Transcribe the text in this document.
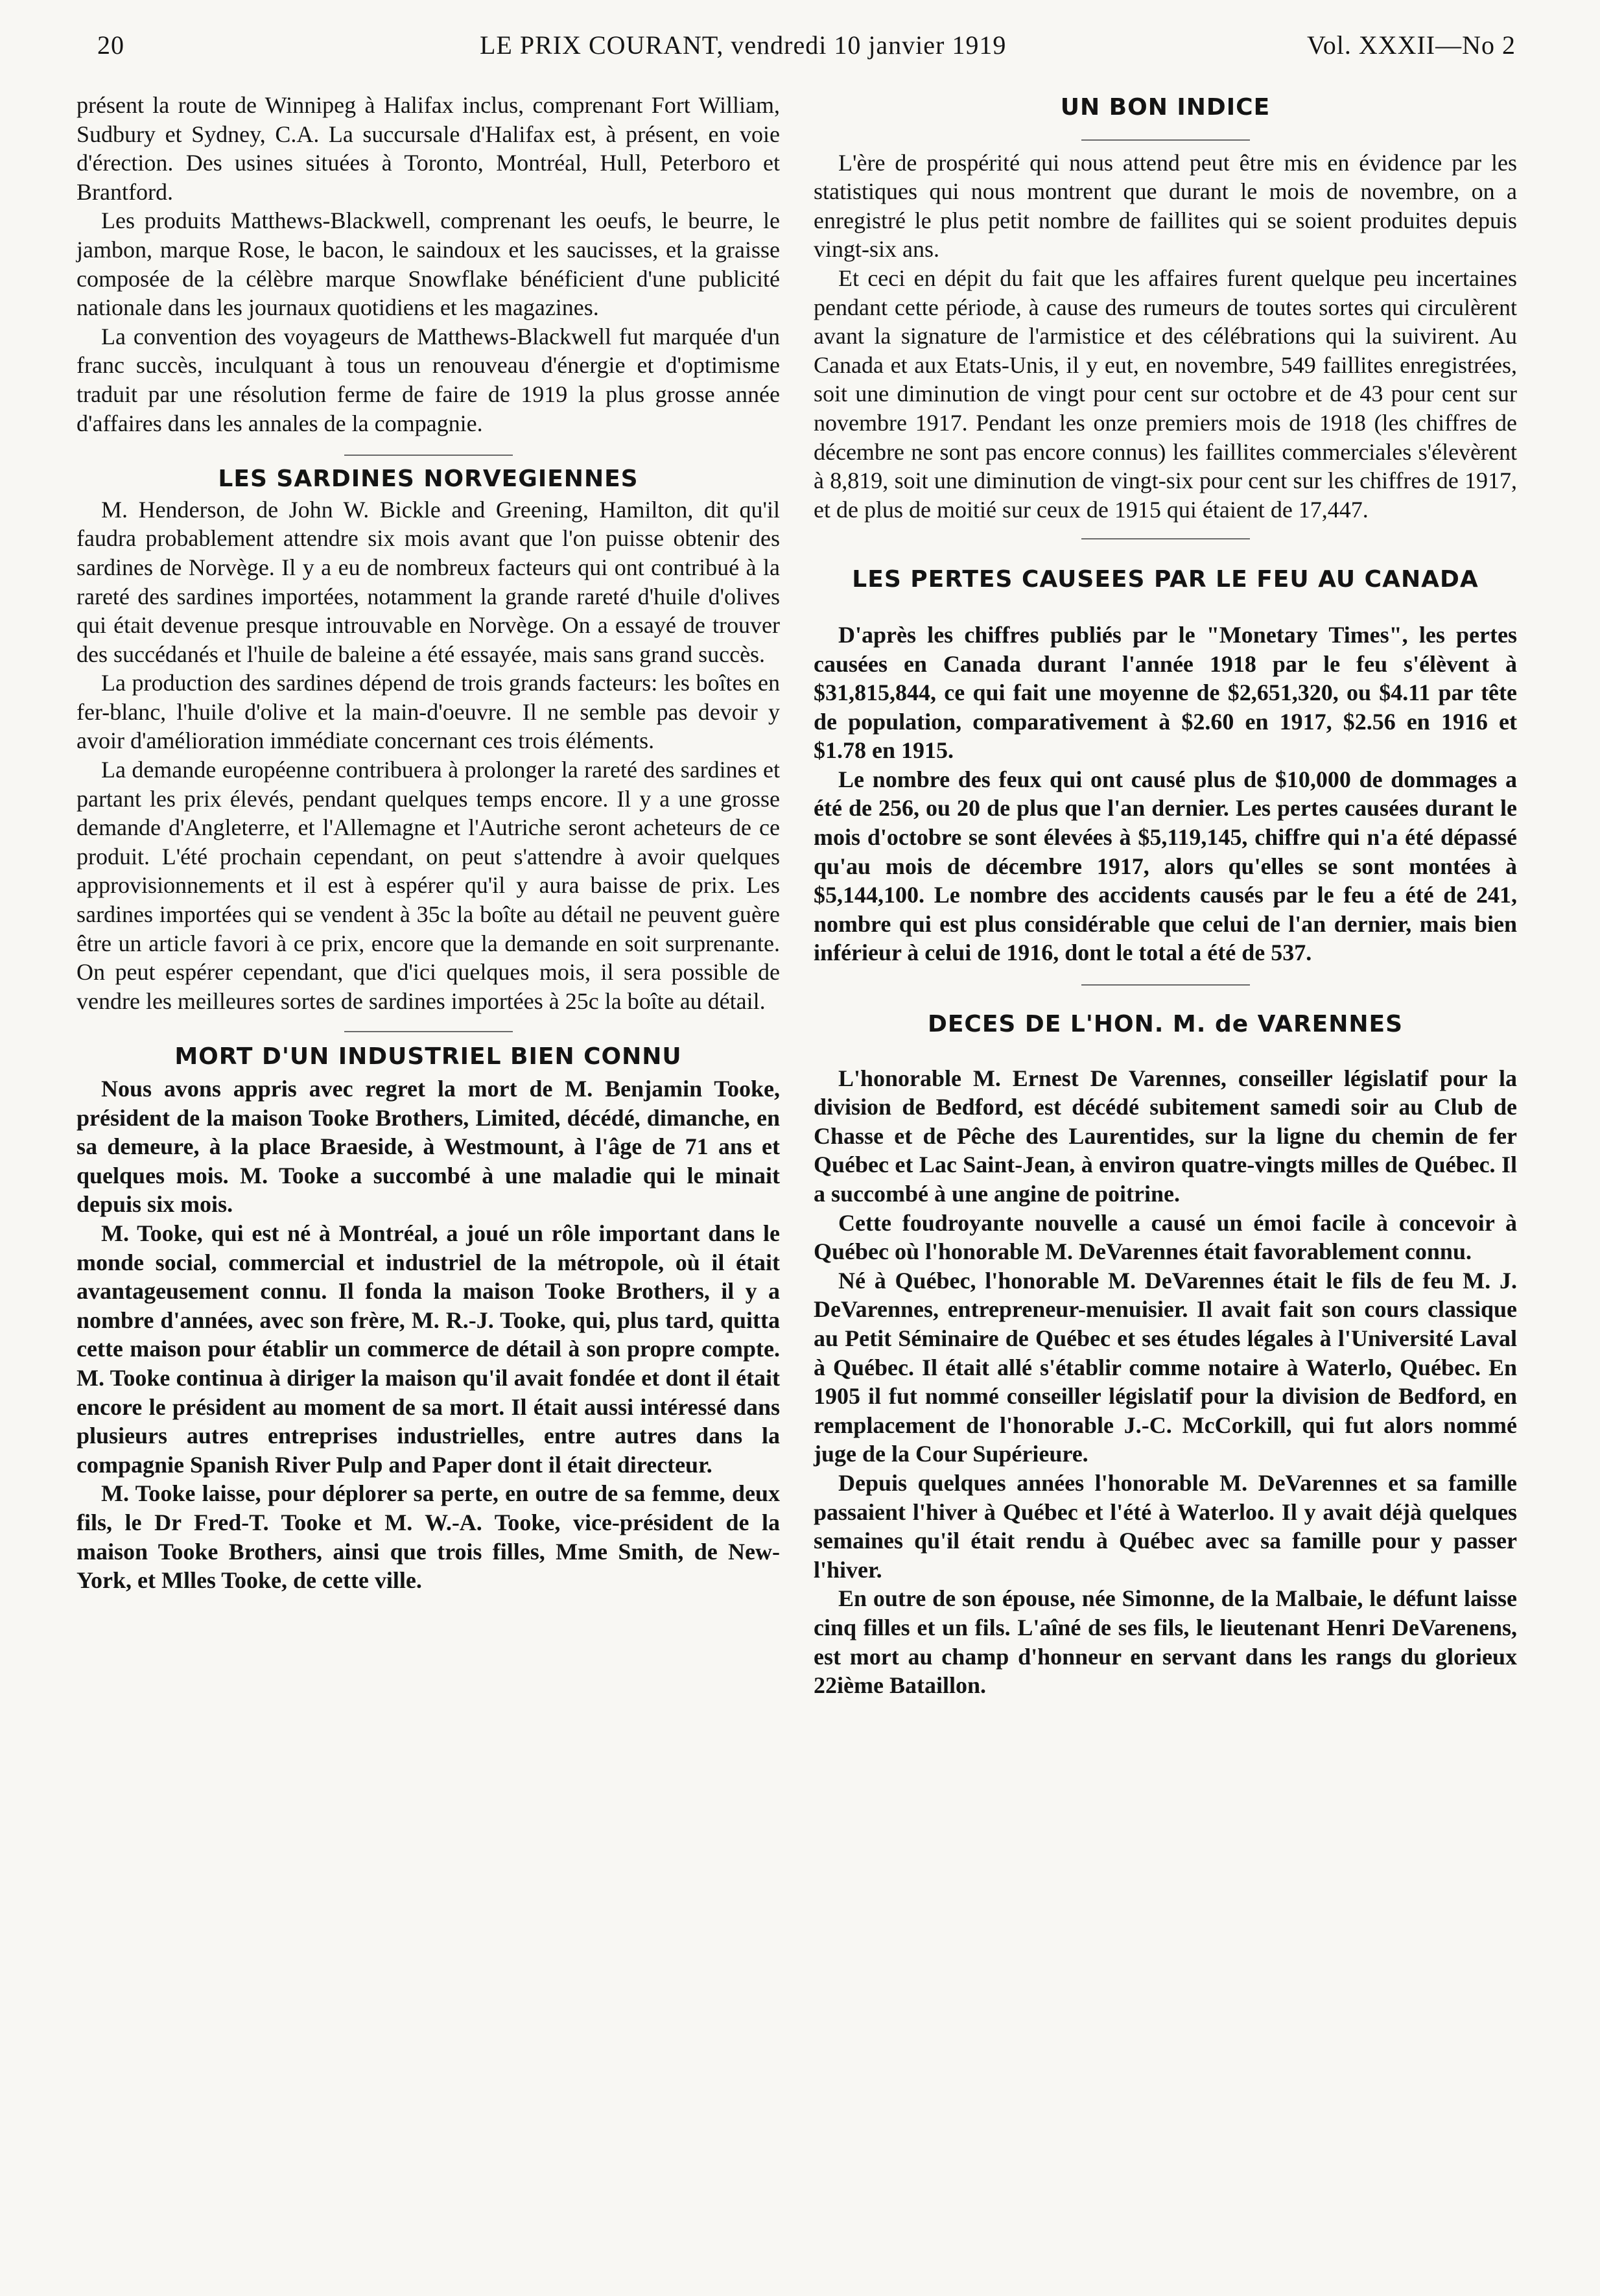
20	LE PRIX COURANT, vendredi 10 janvier 1919	Vol. XXXII—No 2

présent la route de Winnipeg à Halifax inclus, comprenant Fort William, Sudbury et Sydney, C.A. La succursale d'Halifax est, à présent, en voie d'érection. Des usines situées à Toronto, Montréal, Hull, Peterboro et Brantford.

Les produits Matthews-Blackwell, comprenant les oeufs, le beurre, le jambon, marque Rose, le bacon, le saindoux et les saucisses, et la graisse composée de la célèbre marque Snowflake bénéficient d'une publicité nationale dans les journaux quotidiens et les magazines.

La convention des voyageurs de Matthews-Blackwell fut marquée d'un franc succès, inculquant à tous un renouveau d'énergie et d'optimisme traduit par une résolution ferme de faire de 1919 la plus grosse année d'affaires dans les annales de la compagnie.

LES SARDINES NORVEGIENNES

M. Henderson, de John W. Bickle and Greening, Hamilton, dit qu'il faudra probablement attendre six mois avant que l'on puisse obtenir des sardines de Norvège. Il y a eu de nombreux facteurs qui ont contribué à la rareté des sardines importées, notamment la grande rareté d'huile d'olives qui était devenue presque introuvable en Norvège. On a essayé de trouver des succédanés et l'huile de baleine a été essayée, mais sans grand succès.

La production des sardines dépend de trois grands facteurs: les boîtes en fer-blanc, l'huile d'olive et la main-d'oeuvre. Il ne semble pas devoir y avoir d'amélioration immédiate concernant ces trois éléments.

La demande européenne contribuera à prolonger la rareté des sardines et partant les prix élevés, pendant quelques temps encore. Il y a une grosse demande d'Angleterre, et l'Allemagne et l'Autriche seront acheteurs de ce produit. L'été prochain cependant, on peut s'attendre à avoir quelques approvisionnements et il est à espérer qu'il y aura baisse de prix. Les sardines importées qui se vendent à 35c la boîte au détail ne peuvent guère être un article favori à ce prix, encore que la demande en soit surprenante. On peut espérer cependant, que d'ici quelques mois, il sera possible de vendre les meilleures sortes de sardines importées à 25c la boîte au détail.

MORT D'UN INDUSTRIEL BIEN CONNU

Nous avons appris avec regret la mort de M. Benjamin Tooke, président de la maison Tooke Brothers, Limited, décédé, dimanche, en sa demeure, à la place Braeside, à Westmount, à l'âge de 71 ans et quelques mois. M. Tooke a succombé à une maladie qui le minait depuis six mois.

M. Tooke, qui est né à Montréal, a joué un rôle important dans le monde social, commercial et industriel de la métropole, où il était avantageusement connu. Il fonda la maison Tooke Brothers, il y a nombre d'années, avec son frère, M. R.-J. Tooke, qui, plus tard, quitta cette maison pour établir un commerce de détail à son propre compte. M. Tooke continua à diriger la maison qu'il avait fondée et dont il était encore le président au moment de sa mort. Il était aussi intéressé dans plusieurs autres entreprises industrielles, entre autres dans la compagnie Spanish River Pulp and Paper dont il était directeur.

M. Tooke laisse, pour déplorer sa perte, en outre de sa femme, deux fils, le Dr Fred-T. Tooke et M. W.-A. Tooke, vice-président de la maison Tooke Brothers, ainsi que trois filles, Mme Smith, de New-York, et Mlles Tooke, de cette ville.

UN BON INDICE

L'ère de prospérité qui nous attend peut être mis en évidence par les statistiques qui nous montrent que durant le mois de novembre, on a enregistré le plus petit nombre de faillites qui se soient produites depuis vingt-six ans.

Et ceci en dépit du fait que les affaires furent quelque peu incertaines pendant cette période, à cause des rumeurs de toutes sortes qui circulèrent avant la signature de l'armistice et des célébrations qui la suivirent. Au Canada et aux Etats-Unis, il y eut, en novembre, 549 faillites enregistrées, soit une diminution de vingt pour cent sur octobre et de 43 pour cent sur novembre 1917. Pendant les onze premiers mois de 1918 (les chiffres de décembre ne sont pas encore connus) les faillites commerciales s'élevèrent à 8,819, soit une diminution de vingt-six pour cent sur les chiffres de 1917, et de plus de moitié sur ceux de 1915 qui étaient de 17,447.

LES PERTES CAUSEES PAR LE FEU AU CANADA

D'après les chiffres publiés par le "Monetary Times", les pertes causées en Canada durant l'année 1918 par le feu s'élèvent à $31,815,844, ce qui fait une moyenne de $2,651,320, ou $4.11 par tête de population, comparativement à $2.60 en 1917, $2.56 en 1916 et $1.78 en 1915.

Le nombre des feux qui ont causé plus de $10,000 de dommages a été de 256, ou 20 de plus que l'an dernier. Les pertes causées durant le mois d'octobre se sont élevées à $5,119,145, chiffre qui n'a été dépassé qu'au mois de décembre 1917, alors qu'elles se sont montées à $5,144,100. Le nombre des accidents causés par le feu a été de 241, nombre qui est plus considérable que celui de l'an dernier, mais bien inférieur à celui de 1916, dont le total a été de 537.

DECES DE L'HON. M. de VARENNES

L'honorable M. Ernest De Varennes, conseiller législatif pour la division de Bedford, est décédé subitement samedi soir au Club de Chasse et de Pêche des Laurentides, sur la ligne du chemin de fer Québec et Lac Saint-Jean, à environ quatre-vingts milles de Québec. Il a succombé à une angine de poitrine.

Cette foudroyante nouvelle a causé un émoi facile à concevoir à Québec où l'honorable M. DeVarennes était favorablement connu.

Né à Québec, l'honorable M. DeVarennes était le fils de feu M. J. DeVarennes, entrepreneur-menuisier. Il avait fait son cours classique au Petit Séminaire de Québec et ses études légales à l'Université Laval à Québec. Il était allé s'établir comme notaire à Waterlo, Québec. En 1905 il fut nommé conseiller législatif pour la division de Bedford, en remplacement de l'honorable J.-C. McCorkill, qui fut alors nommé juge de la Cour Supérieure.

Depuis quelques années l'honorable M. DeVarennes et sa famille passaient l'hiver à Québec et l'été à Waterloo. Il y avait déjà quelques semaines qu'il était rendu à Québec avec sa famille pour y passer l'hiver.

En outre de son épouse, née Simonne, de la Malbaie, le défunt laisse cinq filles et un fils. L'aîné de ses fils, le lieutenant Henri DeVarenens, est mort au champ d'honneur en servant dans les rangs du glorieux 22ième Bataillon.
